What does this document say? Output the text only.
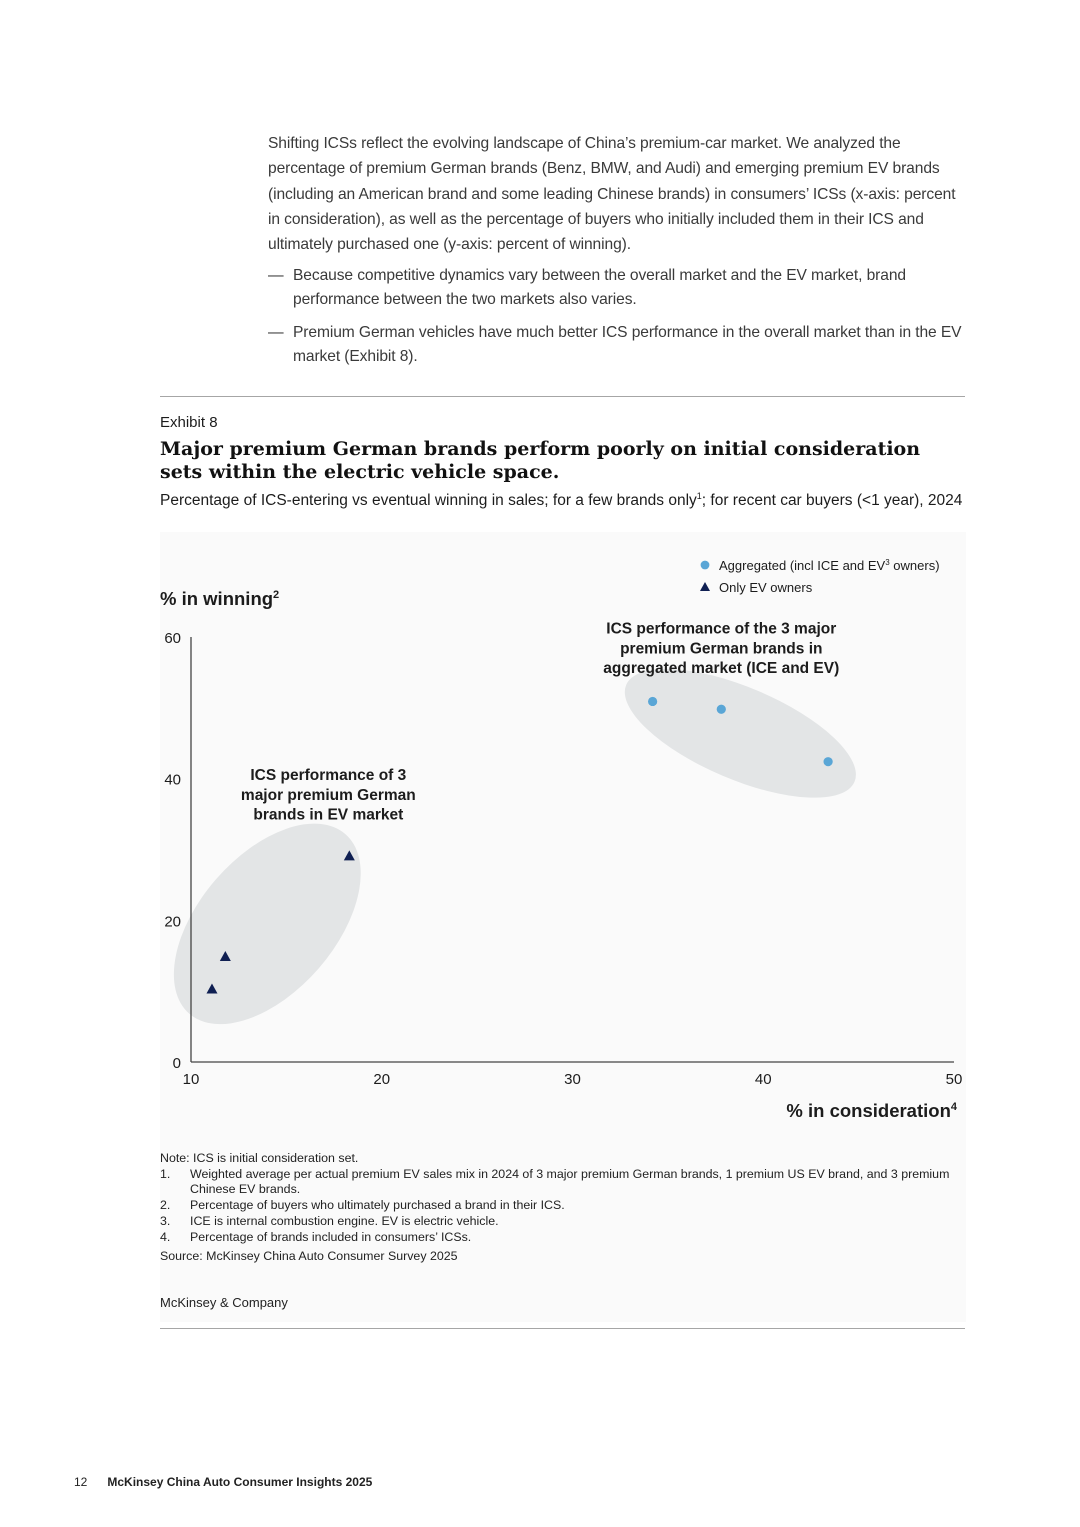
Shifting ICSs reflect the evolving landscape of China’s premium-car market. We analyzed the percentage of premium German brands (Benz, BMW, and Audi) and emerging premium EV brands (including an American brand and some leading Chinese brands) in consumers’ ICSs (x-axis: percent in consideration), as well as the percentage of buyers who initially included them in their ICS and ultimately purchased one (y-axis: percent of winning).

— Because competitive dynamics vary between the overall market and the EV market, brand performance between the two markets also varies.
— Premium German vehicles have much better ICS performance in the overall market than in the EV market (Exhibit 8).
Exhibit 8
Major premium German brands perform poorly on initial consideration sets within the electric vehicle space.
Percentage of ICS-entering vs eventual winning in sales; for a few brands only$^1$; for recent car buyers (<1 year), 2024
0
20
40
60
10	20	30	40	50
% in winning$^2$
% in consideration$^4$
ICS performance of the 3 major
premium German brands in
aggregated market (ICE and EV)
ICS performance of 3
major premium German
brands in EV market
Aggregated (incl ICE and $EV^3$ owners)
Only EV owners
Note: ICS is initial consideration set.
1.	Weighted average per actual premium EV sales mix in 2024 of 3 major premium German brands, 1 premium US EV brand, and 3 premium Chinese EV brands.
2.	Percentage of buyers who ultimately purchased a brand in their ICS.
3.	ICE is internal combustion engine. EV is electric vehicle.
4.	Percentage of brands included in consumers’ ICSs.
Source: McKinsey China Auto Consumer Survey 2025
McKinsey & Company
12 McKinsey China Auto Consumer Insights 2025
